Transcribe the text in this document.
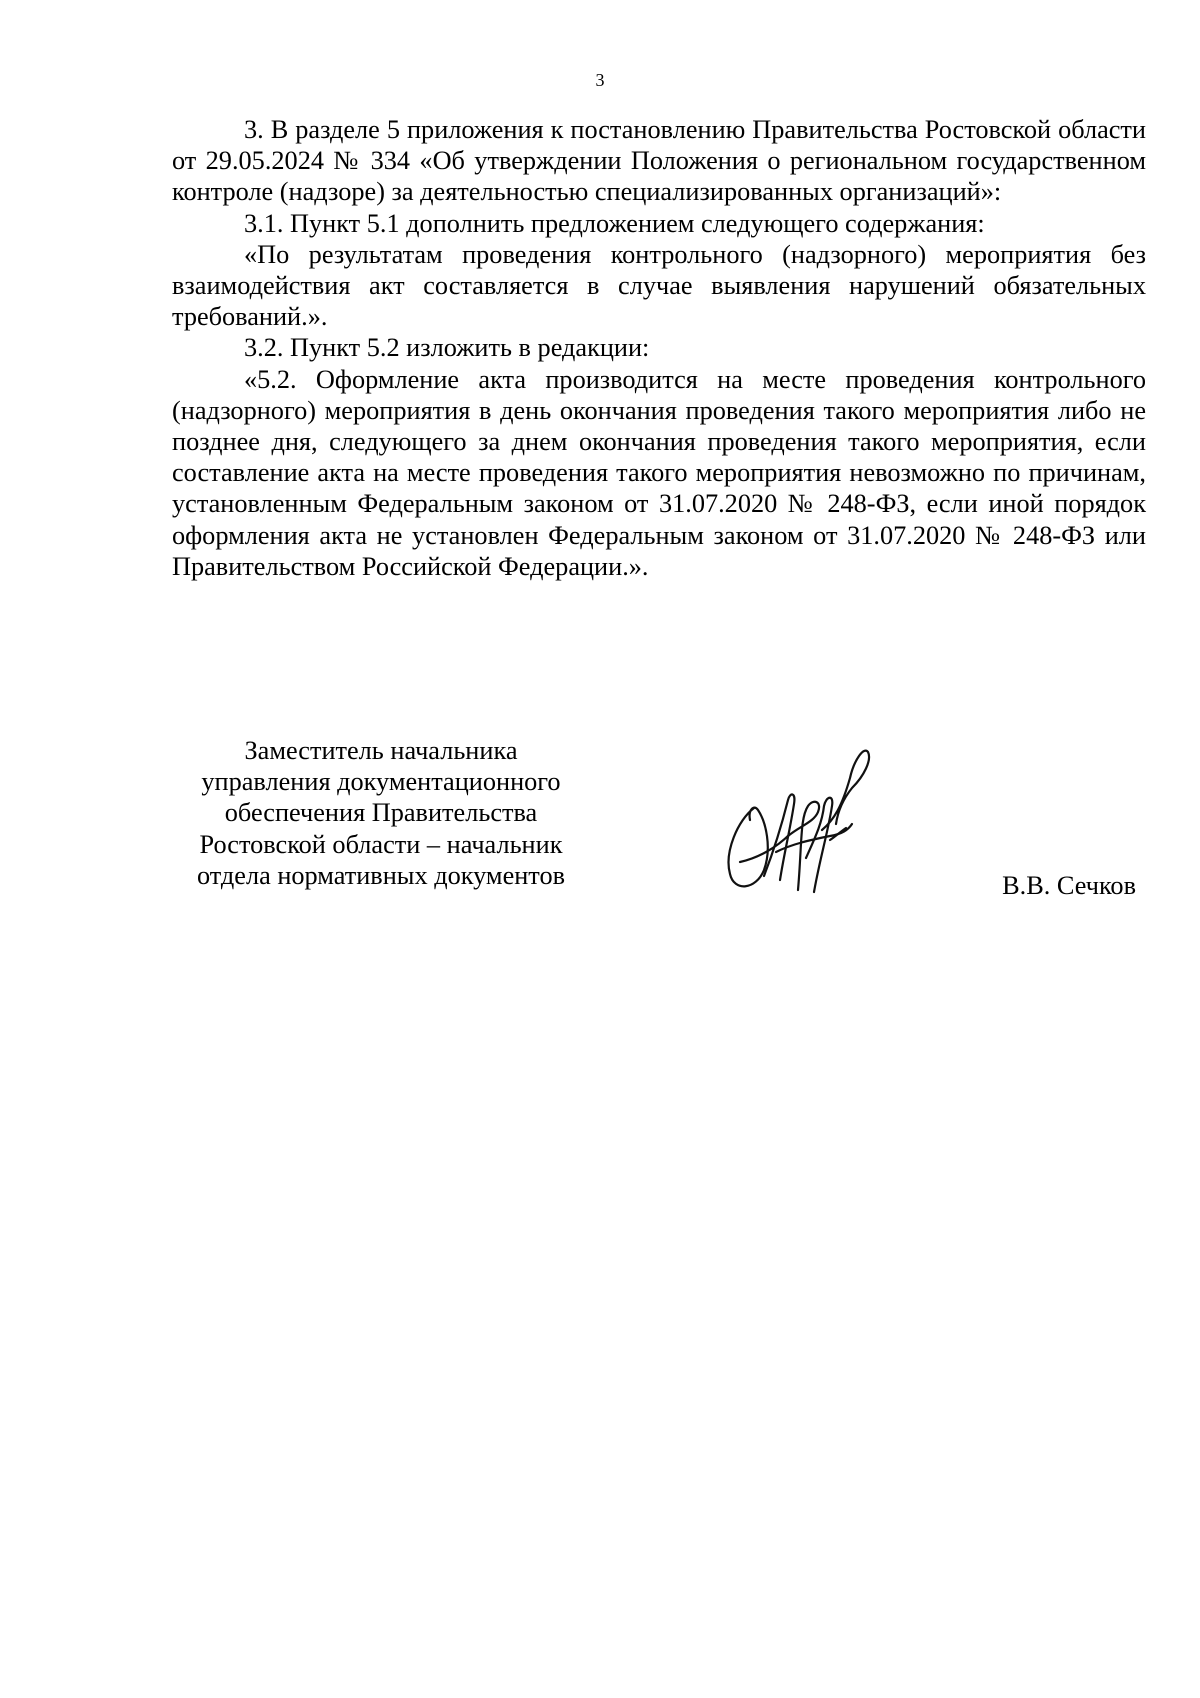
3

3. В разделе 5 приложения к постановлению Правительства Ростовской области от 29.05.2024 № 334 «Об утверждении Положения о региональном государственном контроле (надзоре) за деятельностью специализированных организаций»:

3.1. Пункт 5.1 дополнить предложением следующего содержания:

«По результатам проведения контрольного (надзорного) мероприятия без взаимодействия акт составляется в случае выявления нарушений обязательных требований.».

3.2. Пункт 5.2 изложить в редакции:

«5.2. Оформление акта производится на месте проведения контрольного (надзорного) мероприятия в день окончания проведения такого мероприятия либо не позднее дня, следующего за днем окончания проведения такого мероприятия, если составление акта на месте проведения такого мероприятия невозможно по причинам, установленным Федеральным законом от 31.07.2020 № 248-ФЗ, если иной порядок оформления акта не установлен Федеральным законом от 31.07.2020 № 248-ФЗ или Правительством Российской Федерации.».

Заместитель начальника
управления документационного
обеспечения Правительства
Ростовской области – начальник
отдела нормативных документов	В.В. Сечков
